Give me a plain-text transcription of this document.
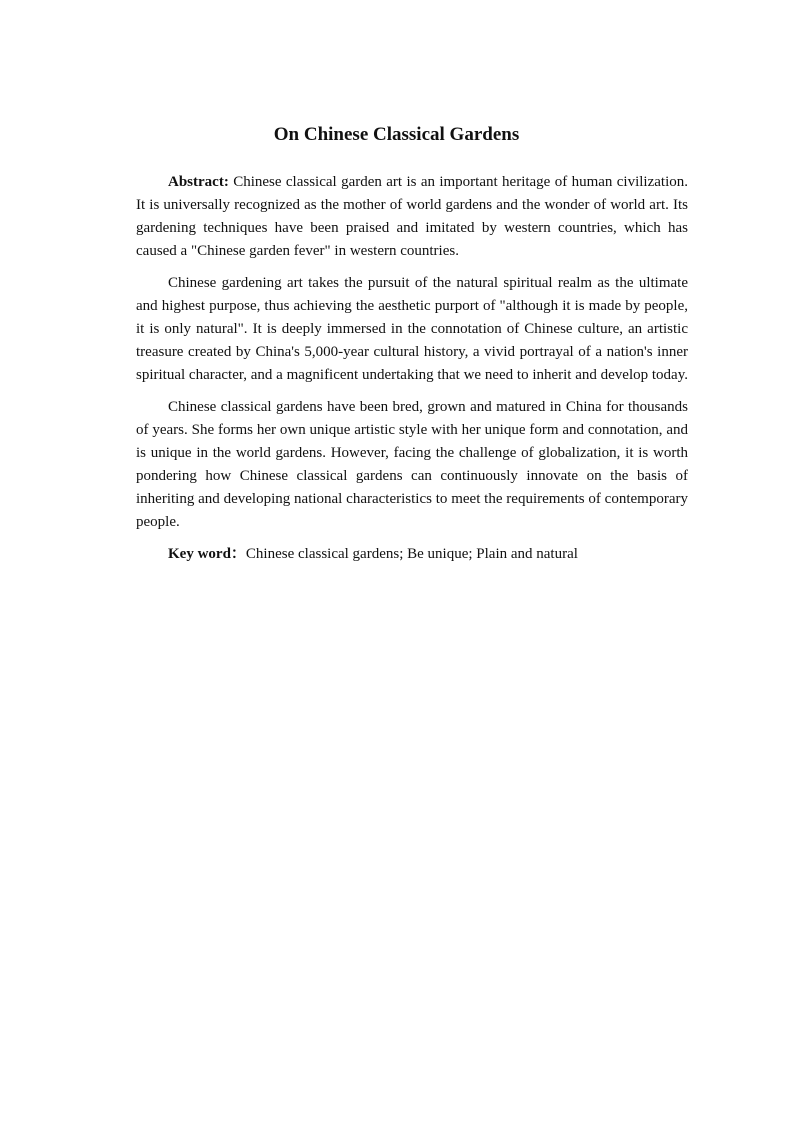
On Chinese Classical Gardens

Abstract: Chinese classical garden art is an important heritage of human civilization. It is universally recognized as the mother of world gardens and the wonder of world art. Its gardening techniques have been praised and imitated by western countries, which has caused a "Chinese garden fever" in western countries.

Chinese gardening art takes the pursuit of the natural spiritual realm as the ultimate and highest purpose, thus achieving the aesthetic purport of "although it is made by people, it is only natural". It is deeply immersed in the connotation of Chinese culture, an artistic treasure created by China's 5,000-year cultural history, a vivid portrayal of a nation's inner spiritual character, and a magnificent undertaking that we need to inherit and develop today.

Chinese classical gardens have been bred, grown and matured in China for thousands of years. She forms her own unique artistic style with her unique form and connotation, and is unique in the world gardens. However, facing the challenge of globalization, it is worth pondering how Chinese classical gardens can continuously innovate on the basis of inheriting and developing national characteristics to meet the requirements of contemporary people.

Key word：Chinese classical gardens; Be unique; Plain and natural
